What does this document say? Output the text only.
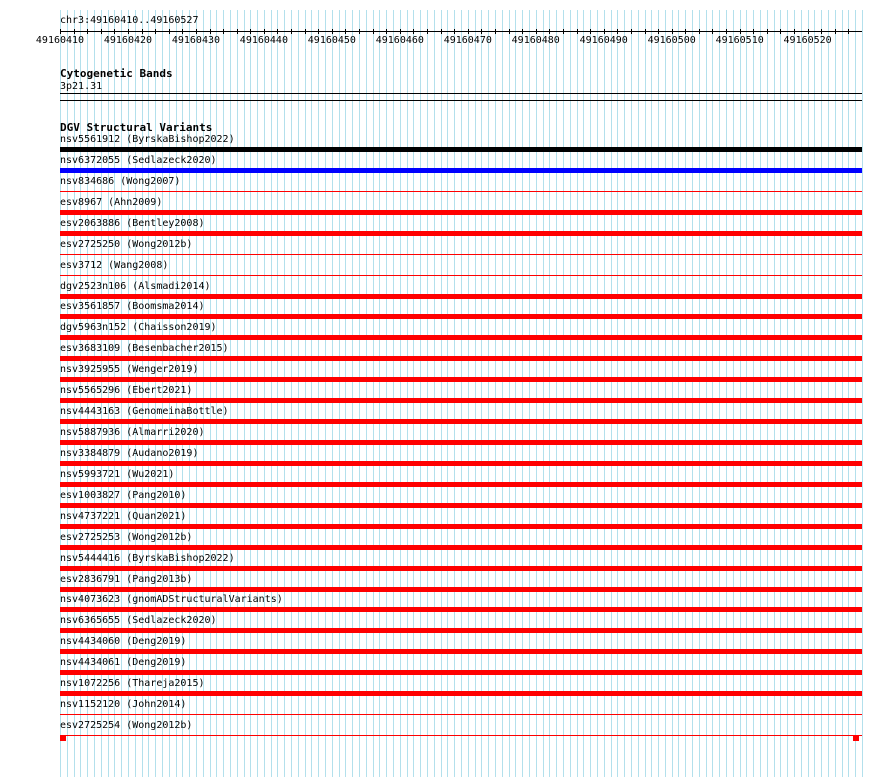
chr3:49160410..49160527
49160410 49160420 49160430 49160440 49160450 49160460 49160470 49160480 49160490 49160500 49160510 49160520
Cytogenetic Bands
3p21.31
DGV Structural Variants
nsv5561912 (ByrskaBishop2022)
nsv6372055 (Sedlazeck2020)
nsv834686 (Wong2007)
esv8967 (Ahn2009)
esv2063886 (Bentley2008)
esv2725250 (Wong2012b)
esv3712 (Wang2008)
dgv2523n106 (Alsmadi2014)
esv3561857 (Boomsma2014)
dgv5963n152 (Chaisson2019)
esv3683109 (Besenbacher2015)
nsv3925955 (Wenger2019)
nsv5565296 (Ebert2021)
nsv4443163 (GenomeinaBottle)
nsv5887936 (Almarri2020)
nsv3384879 (Audano2019)
nsv5993721 (Wu2021)
esv1003827 (Pang2010)
nsv4737221 (Quan2021)
esv2725253 (Wong2012b)
nsv5444416 (ByrskaBishop2022)
esv2836791 (Pang2013b)
nsv4073623 (gnomADStructuralVariants)
nsv6365655 (Sedlazeck2020)
nsv4434060 (Deng2019)
nsv4434061 (Deng2019)
nsv1072256 (Thareja2015)
nsv1152120 (John2014)
esv2725254 (Wong2012b)
